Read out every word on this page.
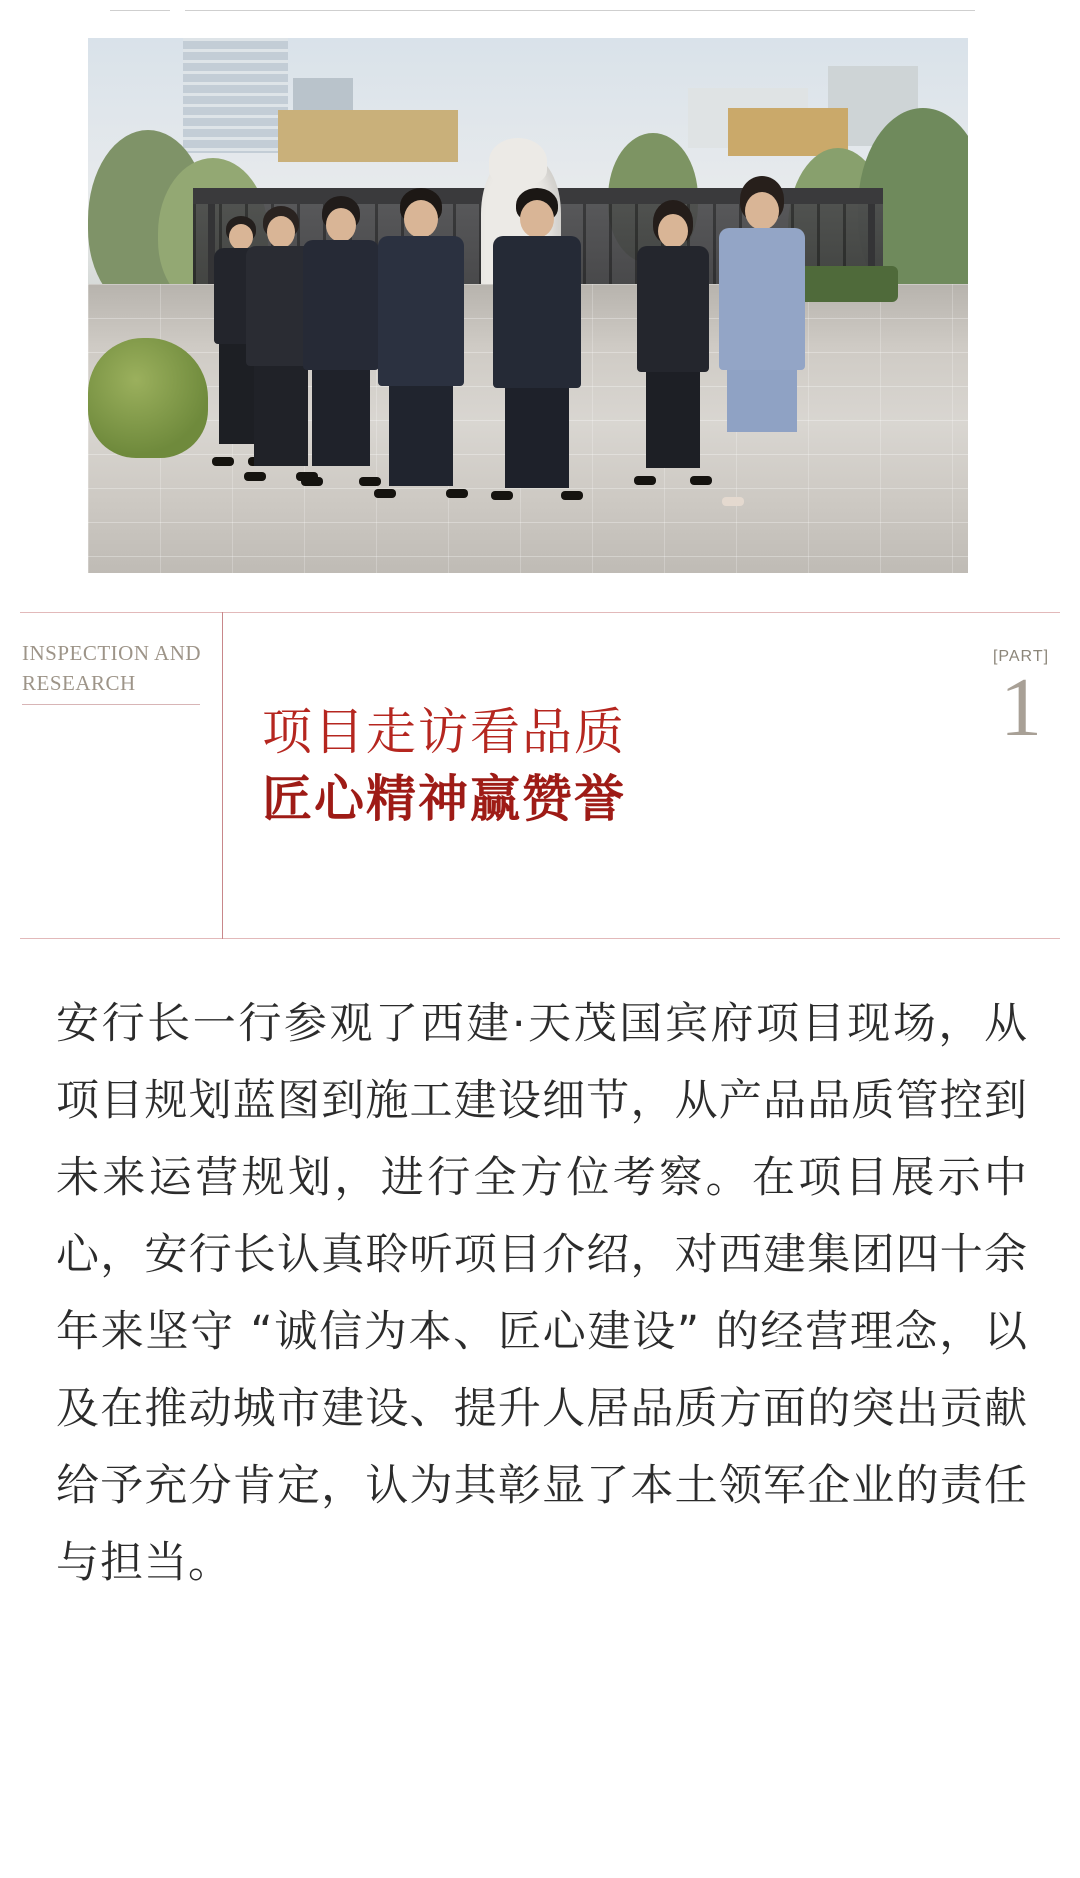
INSPECTION AND RESEARCH
[PART]
1
项目走访看品质
匠心精神赢赞誉
安行长一行参观了西建·天茂国宾府项目现场，从项目规划蓝图到施工建设细节，从产品品质管控到未来运营规划，进行全方位考察。在项目展示中心，安行长认真聆听项目介绍，对西建集团四十余年来坚守 “诚信为本、匠心建设” 的经营理念，以及在推动城市建设、提升人居品质方面的突出贡献给予充分肯定，认为其彰显了本土领军企业的责任与担当。
